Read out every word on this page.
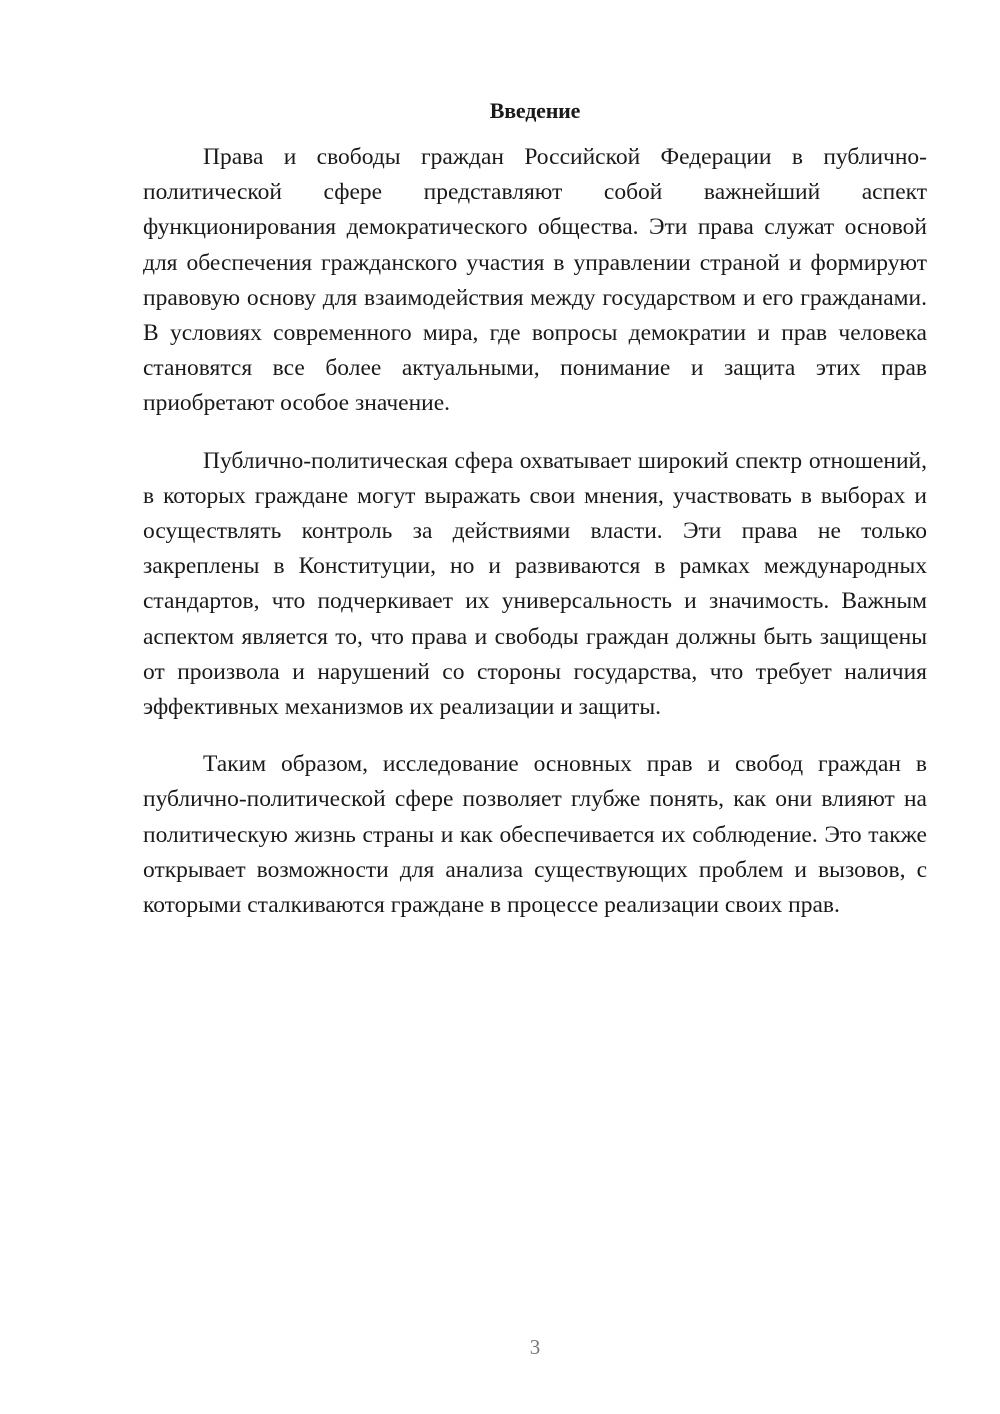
Введение

Права и свободы граждан Российской Федерации в публично-политической сфере представляют собой важнейший аспект функционирования демократического общества. Эти права служат основой для обеспечения гражданского участия в управлении страной и формируют правовую основу для взаимодействия между государством и его гражданами. В условиях современного мира, где вопросы демократии и прав человека становятся все более актуальными, понимание и защита этих прав приобретают особое значение.

Публично-политическая сфера охватывает широкий спектр отношений, в которых граждане могут выражать свои мнения, участвовать в выборах и осуществлять контроль за действиями власти. Эти права не только закреплены в Конституции, но и развиваются в рамках международных стандартов, что подчеркивает их универсальность и значимость. Важным аспектом является то, что права и свободы граждан должны быть защищены от произвола и нарушений со стороны государства, что требует наличия эффективных механизмов их реализации и защиты.

Таким образом, исследование основных прав и свобод граждан в публично-политической сфере позволяет глубже понять, как они влияют на политическую жизнь страны и как обеспечивается их соблюдение. Это также открывает возможности для анализа существующих проблем и вызовов, с которыми сталкиваются граждане в процессе реализации своих прав.

3
